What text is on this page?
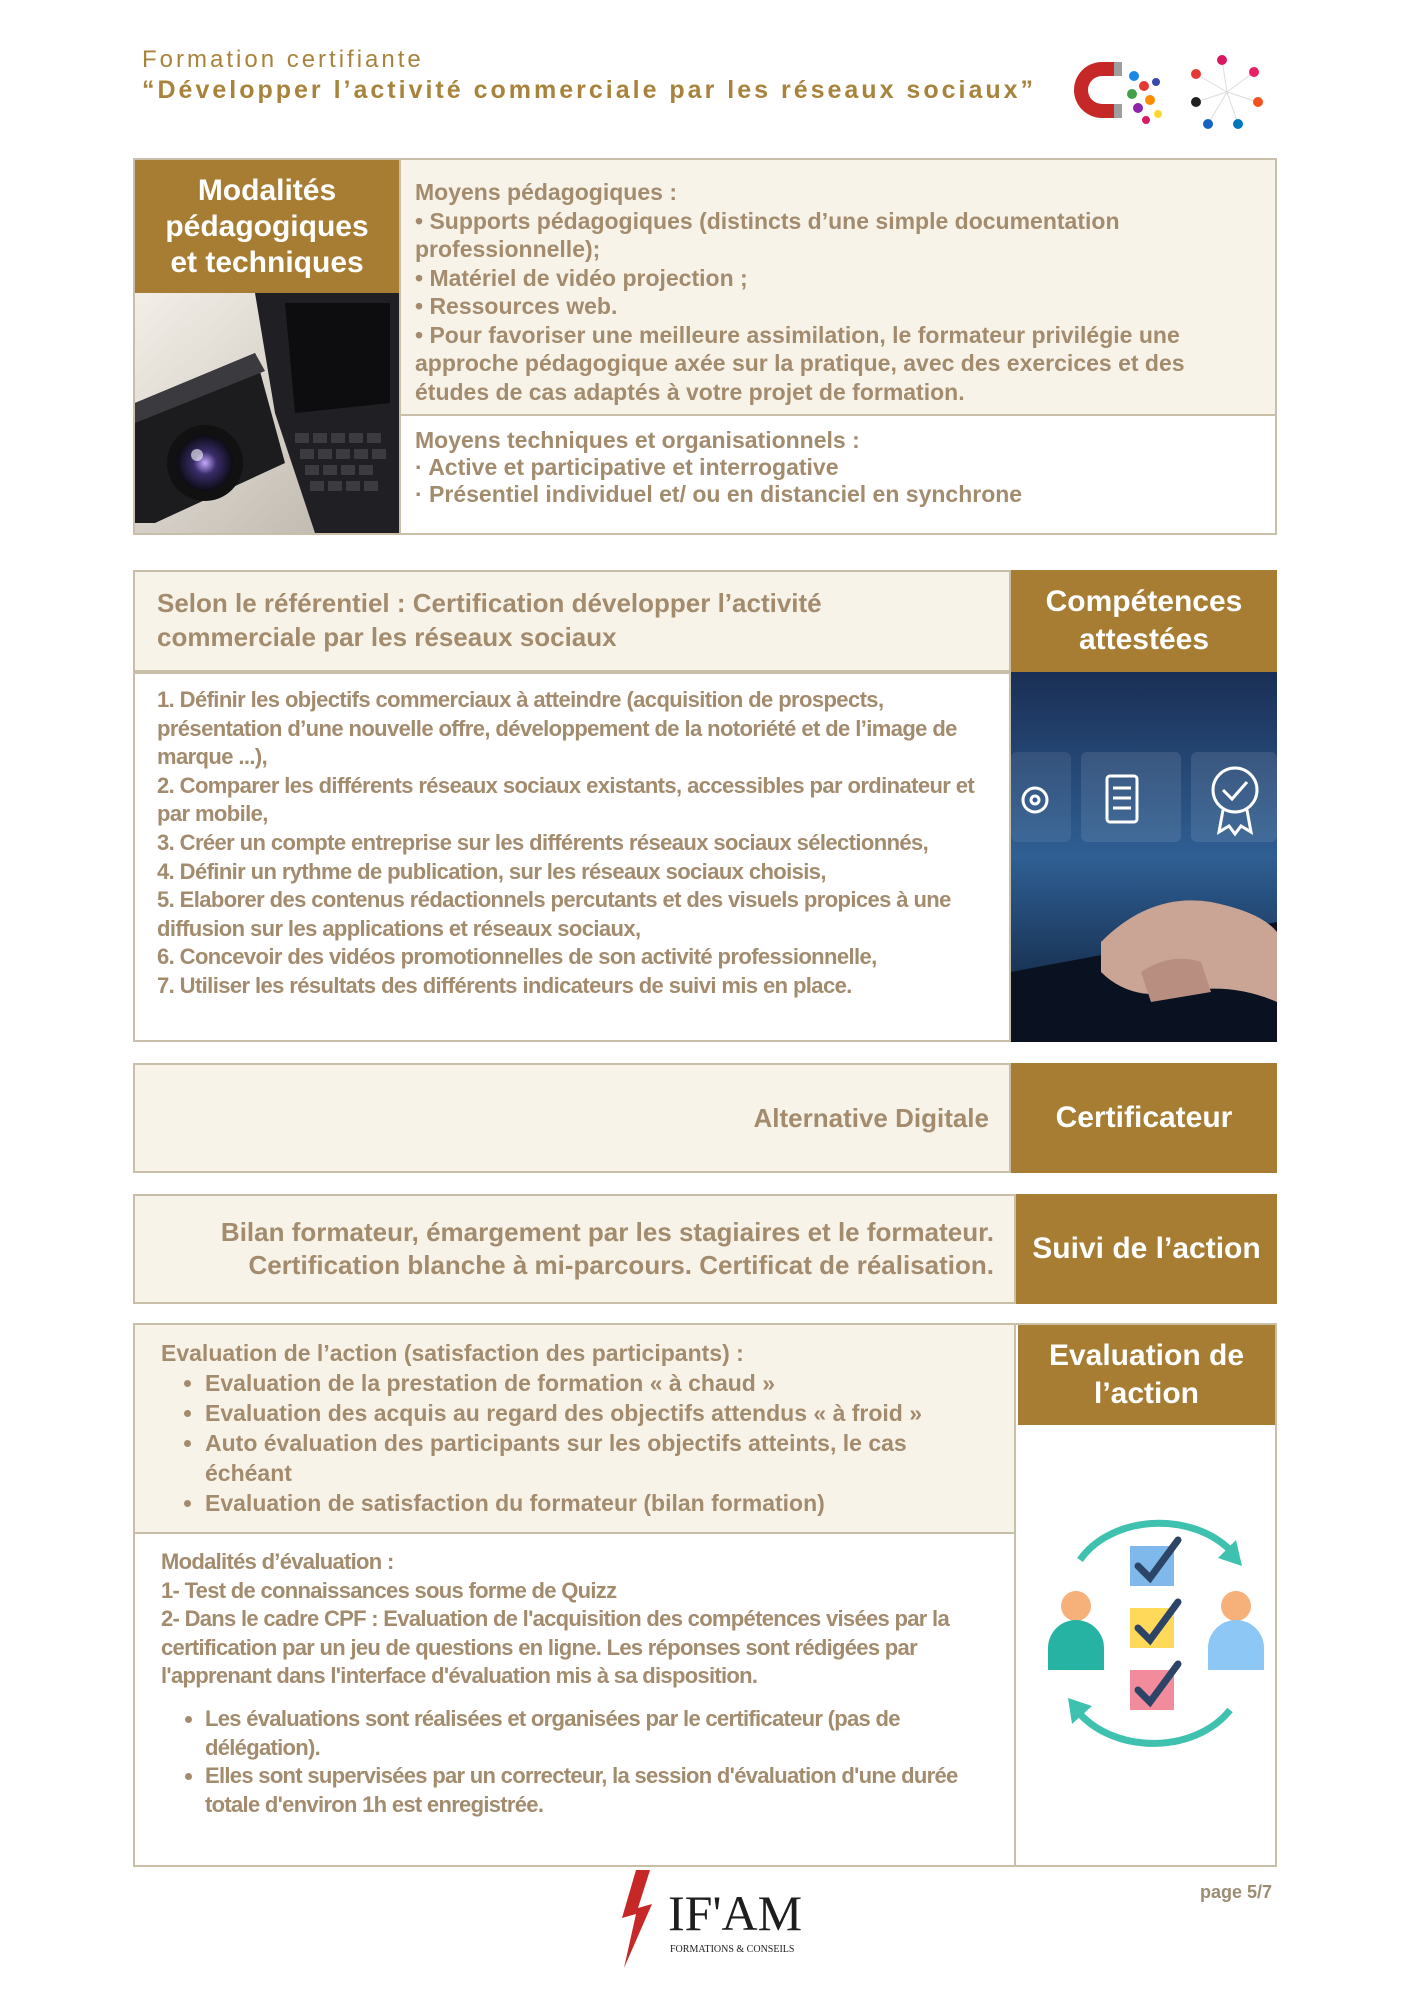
Formation certifiante
“Développer l’activité commerciale par les réseaux sociaux”
Modalités pédagogiques et techniques
Moyens pédagogiques :
• Supports pédagogiques (distincts d’une simple documentation professionnelle);
• Matériel de vidéo projection ;
• Ressources web.
• Pour favoriser une meilleure assimilation, le formateur privilégie une approche pédagogique axée sur la pratique, avec des exercices et des études de cas adaptés à votre projet de formation.
Moyens techniques et organisationnels :
· Active et participative et interrogative
· Présentiel individuel et/ ou en distanciel en synchrone
Selon le référentiel : Certification développer l’activité commerciale par les réseaux sociaux
Compétences attestées
1. Définir les objectifs commerciaux à atteindre (acquisition de prospects, présentation d’une nouvelle offre, développement de la notoriété et de l’image de marque ...),
2. Comparer les différents réseaux sociaux existants, accessibles par ordinateur et par mobile,
3. Créer un compte entreprise sur les différents réseaux sociaux sélectionnés,
4. Définir un rythme de publication, sur les réseaux sociaux choisis,
5. Elaborer des contenus rédactionnels percutants et des visuels propices à une diffusion sur les applications et réseaux sociaux,
6. Concevoir des vidéos promotionnelles de son activité professionnelle,
7. Utiliser les résultats des différents indicateurs de suivi mis en place.
Alternative Digitale	Certificateur
Bilan formateur, émargement par les stagiaires et le formateur.
Certification blanche à mi-parcours. Certificat de réalisation.	Suivi de l’action
Evaluation de l’action (satisfaction des participants) :
• Evaluation de la prestation de formation « à chaud »
• Evaluation des acquis au regard des objectifs attendus « à froid »
• Auto évaluation des participants sur les objectifs atteints, le cas échéant
• Evaluation de satisfaction du formateur (bilan formation)
Modalités d’évaluation :
1- Test de connaissances sous forme de Quizz
2- Dans le cadre CPF : Evaluation de l'acquisition des compétences visées par la certification par un jeu de questions en ligne. Les réponses sont rédigées par l'apprenant dans l'interface d'évaluation mis à sa disposition.
• Les évaluations sont réalisées et organisées par le certificateur (pas de délégation).
• Elles sont supervisées par un correcteur, la session d'évaluation d'une durée totale d'environ 1h est enregistrée.
Evaluation de l’action
page 5/7
IF'AM
FORMATIONS & CONSEILS
